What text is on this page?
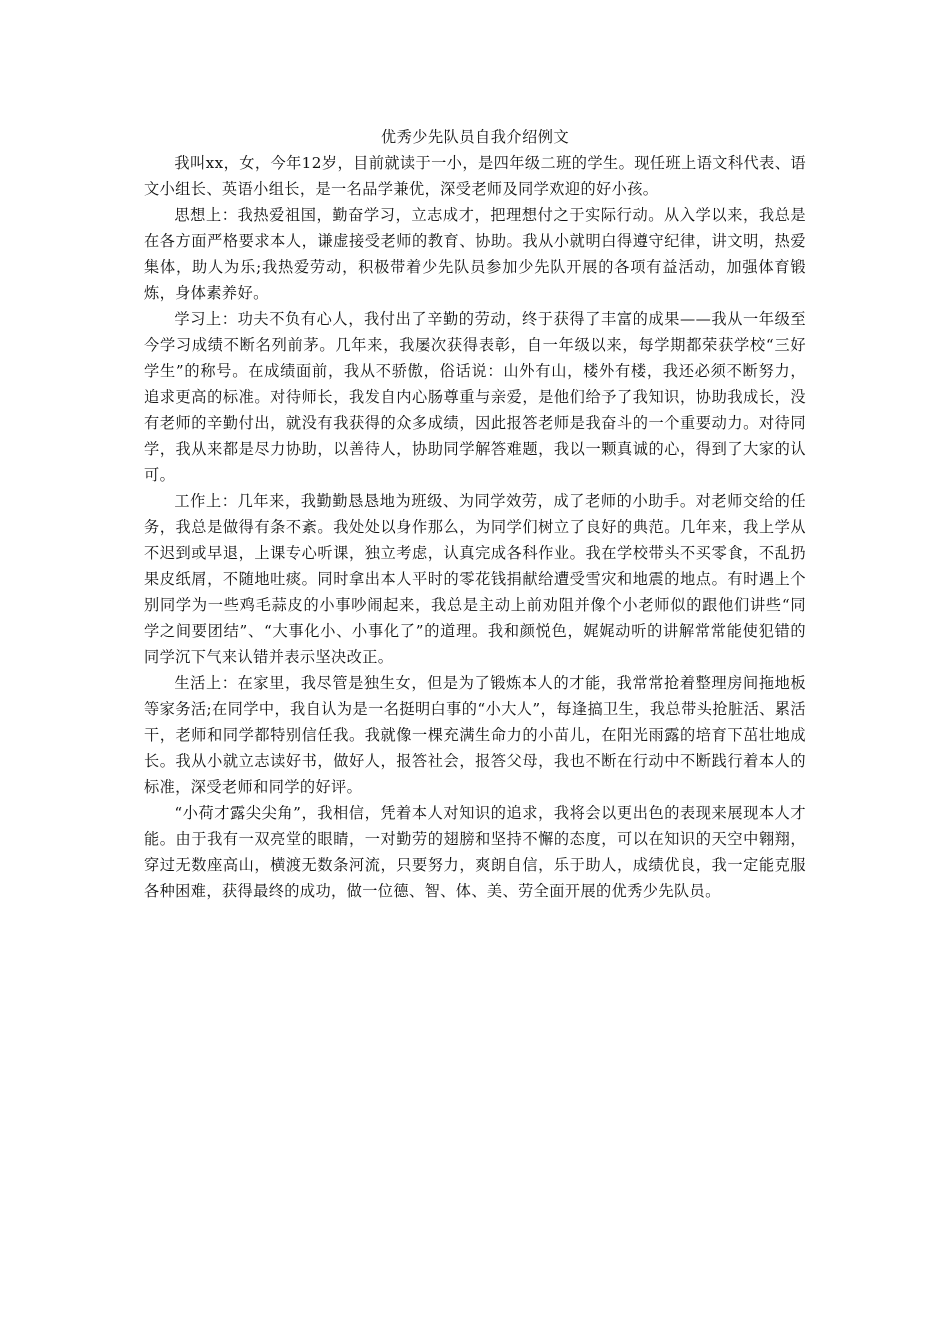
优秀少先队员自我介绍例文

我叫xx，女，今年12岁，目前就读于一小，是四年级二班的学生。现任班上语文科代表、语文小组长、英语小组长，是一名品学兼优，深受老师及同学欢迎的好小孩。

思想上：我热爱祖国，勤奋学习，立志成才，把理想付之于实际行动。从入学以来，我总是在各方面严格要求本人，谦虚接受老师的教育、协助。我从小就明白得遵守纪律，讲文明，热爱集体，助人为乐;我热爱劳动，积极带着少先队员参加少先队开展的各项有益活动，加强体育锻炼，身体素养好。

学习上：功夫不负有心人，我付出了辛勤的劳动，终于获得了丰富的成果——我从一年级至今学习成绩不断名列前茅。几年来，我屡次获得表彰，自一年级以来，每学期都荣获学校“三好学生”的称号。在成绩面前，我从不骄傲，俗话说：山外有山，楼外有楼，我还必须不断努力，追求更高的标准。对待师长，我发自内心肠尊重与亲爱，是他们给予了我知识，协助我成长，没有老师的辛勤付出，就没有我获得的众多成绩，因此报答老师是我奋斗的一个重要动力。对待同学，我从来都是尽力协助，以善待人，协助同学解答难题，我以一颗真诚的心，得到了大家的认可。

工作上：几年来，我勤勤恳恳地为班级、为同学效劳，成了老师的小助手。对老师交给的任务，我总是做得有条不紊。我处处以身作那么，为同学们树立了良好的典范。几年来，我上学从不迟到或早退，上课专心听课，独立考虑，认真完成各科作业。我在学校带头不买零食，不乱扔果皮纸屑，不随地吐痰。同时拿出本人平时的零花钱捐献给遭受雪灾和地震的地点。有时遇上个别同学为一些鸡毛蒜皮的小事吵闹起来，我总是主动上前劝阻并像个小老师似的跟他们讲些“同学之间要团结”、“大事化小、小事化了”的道理。我和颜悦色，娓娓动听的讲解常常能使犯错的同学沉下气来认错并表示坚决改正。

生活上：在家里，我尽管是独生女，但是为了锻炼本人的才能，我常常抢着整理房间拖地板等家务活;在同学中，我自认为是一名挺明白事的“小大人”，每逢搞卫生，我总带头抢脏活、累活干，老师和同学都特别信任我。我就像一棵充满生命力的小苗儿，在阳光雨露的培育下茁壮地成长。我从小就立志读好书，做好人，报答社会，报答父母，我也不断在行动中不断践行着本人的标准，深受老师和同学的好评。

“小荷才露尖尖角”，我相信，凭着本人对知识的追求，我将会以更出色的表现来展现本人才能。由于我有一双亮堂的眼睛，一对勤劳的翅膀和坚持不懈的态度，可以在知识的天空中翱翔，穿过无数座高山，横渡无数条河流，只要努力，爽朗自信，乐于助人，成绩优良，我一定能克服各种困难，获得最终的成功，做一位德、智、体、美、劳全面开展的优秀少先队员。
